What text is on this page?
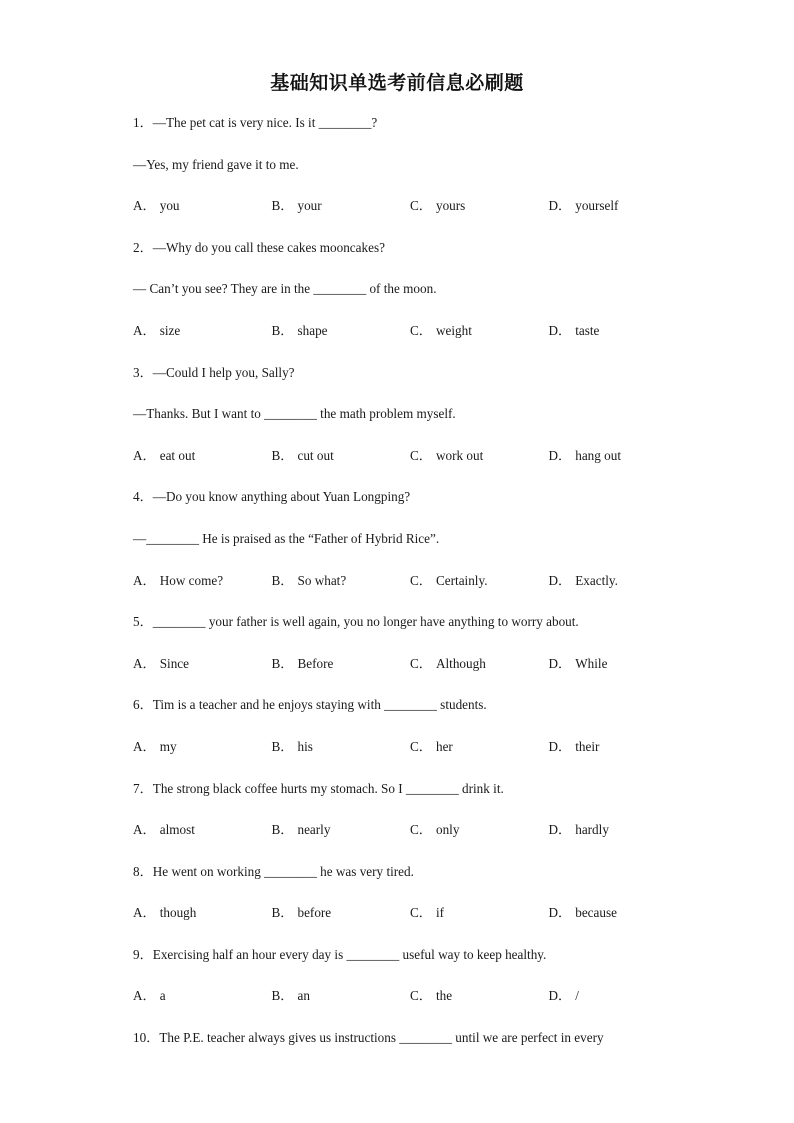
基础知识单选考前信息必刷题
1．—The pet cat is very nice. Is it ________?
—Yes, my friend gave it to me.
A． you	B． your	C． yours	D． yourself
2．—Why do you call these cakes mooncakes?
— Can’t you see? They are in the ________ of the moon.
A． size	B． shape	C． weight	D． taste
3．—Could I help you, Sally?
—Thanks. But I want to ________ the math problem myself.
A． eat out	B． cut out	C． work out	D． hang out
4．—Do you know anything about Yuan Longping?
—________ He is praised as the “Father of Hybrid Rice”.
A． How come?	B． So what?	C． Certainly.	D． Exactly.
5．________ your father is well again, you no longer have anything to worry about.
A． Since	B． Before	C． Although	D． While
6．Tim is a teacher and he enjoys staying with ________ students.
A． my	B． his	C． her	D． their
7．The strong black coffee hurts my stomach. So I ________ drink it.
A． almost	B． nearly	C． only	D． hardly
8．He went on working ________ he was very tired.
A． though	B． before	C． if	D． because
9．Exercising half an hour every day is ________ useful way to keep healthy.
A． a	B． an	C． the	D． /
10．The P.E. teacher always gives us instructions ________ until we are perfect in every
